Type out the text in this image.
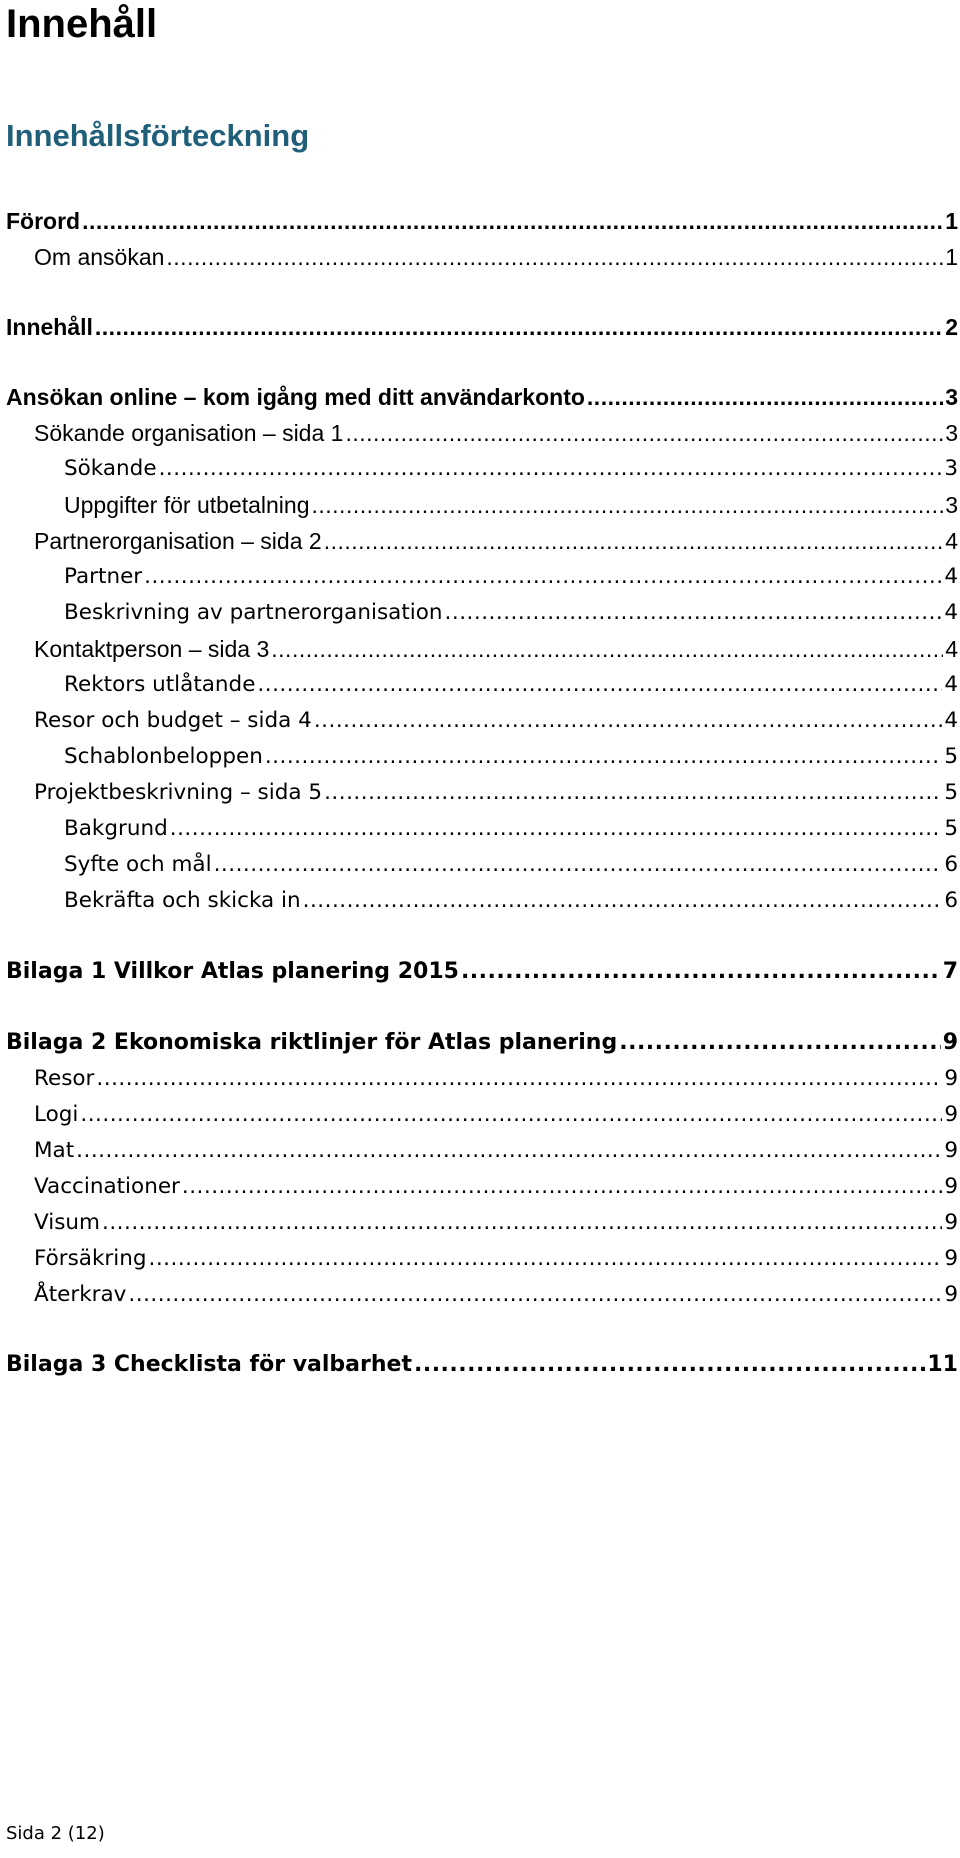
Innehåll
Innehållsförteckning
Förord .....	1
Om ansökan .....	1
Innehåll .....	2
Ansökan online – kom igång med ditt användarkonto .....	3
Sökande organisation – sida 1 .....	3
Sökande .....	3
Uppgifter för utbetalning .....	3
Partnerorganisation – sida 2 .....	4
Partner .....	4
Beskrivning av partnerorganisation .....	4
Kontaktperson – sida 3 .....	4
Rektors utlåtande .....	4
Resor och budget – sida 4 .....	4
Schablonbeloppen .....	5
Projektbeskrivning – sida 5 .....	5
Bakgrund .....	5
Syfte och mål .....	6
Bekräfta och skicka in .....	6
Bilaga 1 Villkor Atlas planering 2015 .....	7
Bilaga 2 Ekonomiska riktlinjer för Atlas planering .....	9
Resor .....	9
Logi .....	9
Mat .....	9
Vaccinationer .....	9
Visum .....	9
Försäkring .....	9
Återkrav .....	9
Bilaga 3 Checklista för valbarhet .....	11

Sida 2 (12)
